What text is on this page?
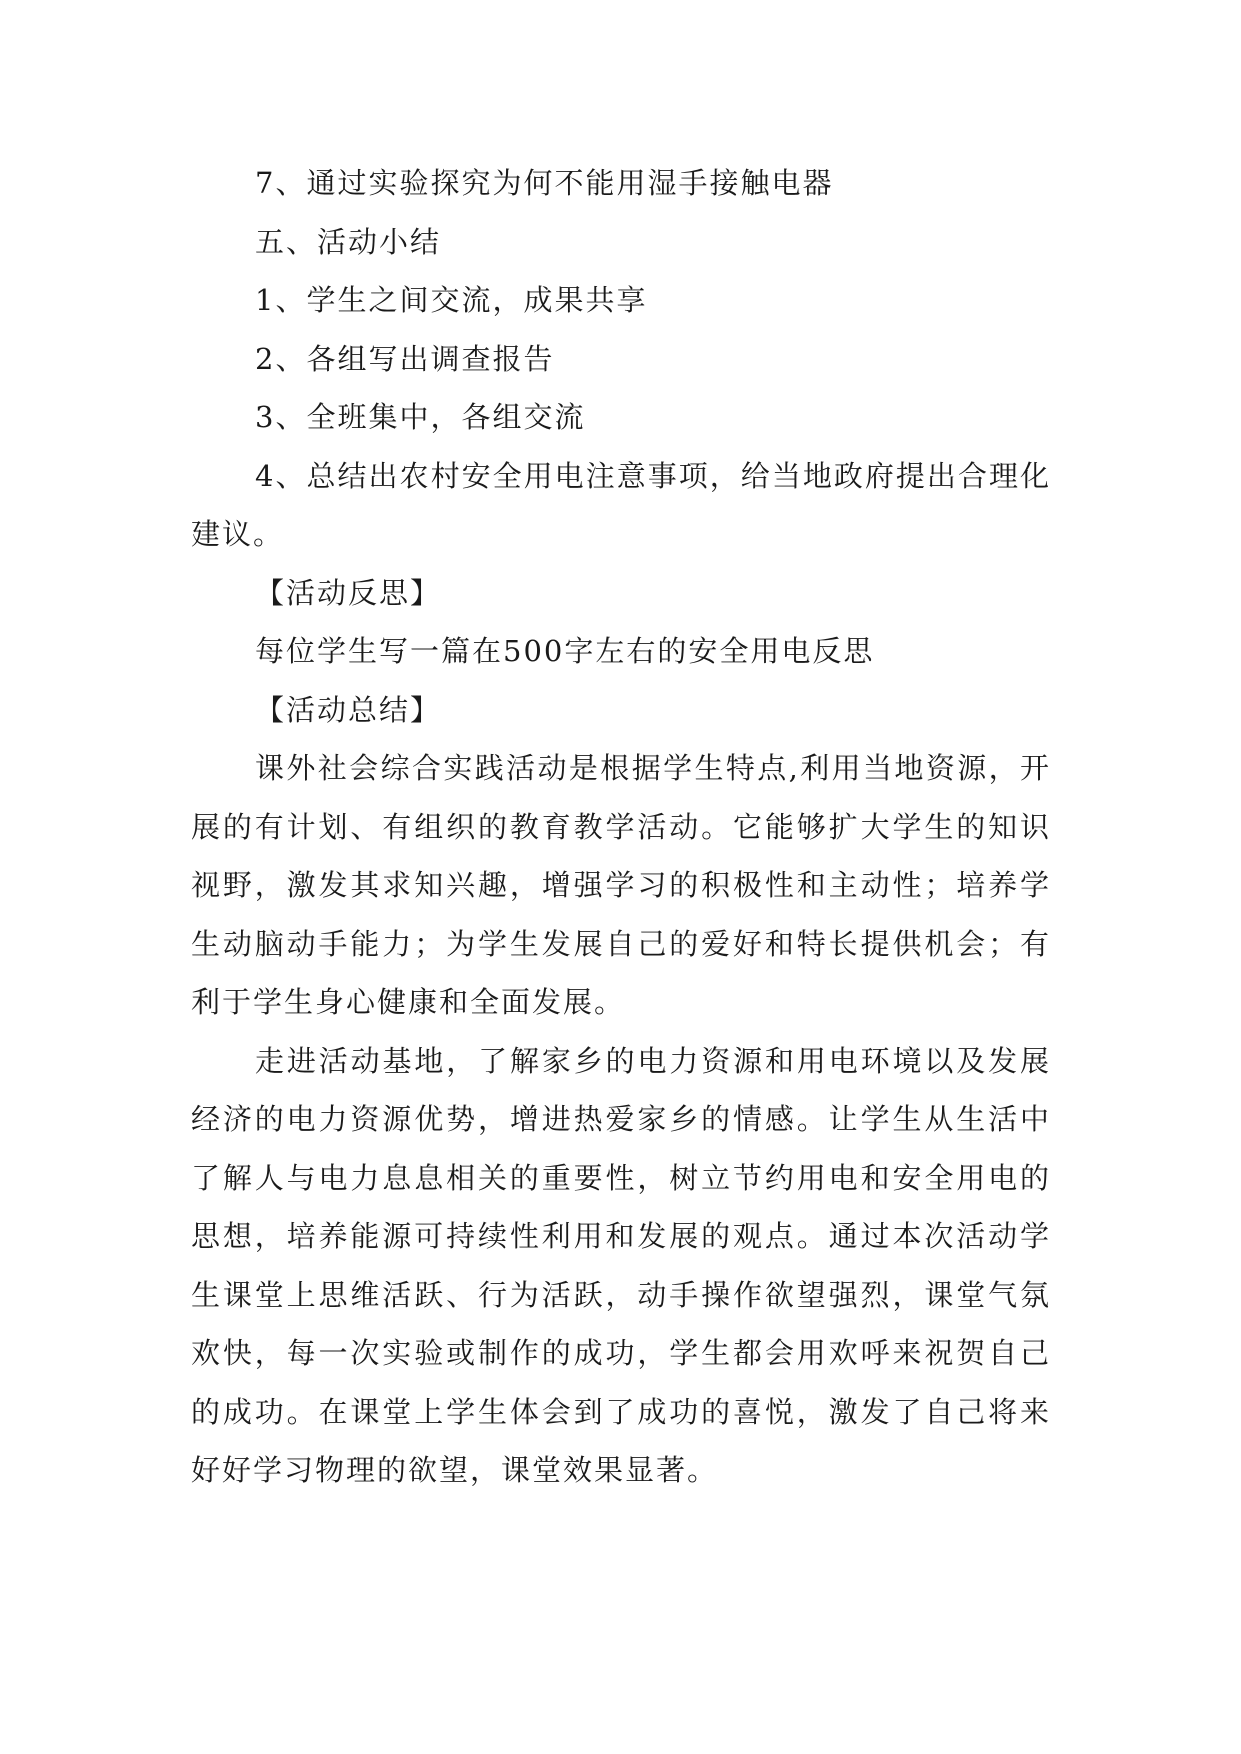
7、通过实验探究为何不能用湿手接触电器

五、活动小结

1、学生之间交流，成果共享

2、各组写出调查报告

3、全班集中，各组交流

4、总结出农村安全用电注意事项，给当地政府提出合理化建议。

【活动反思】

每位学生写一篇在500字左右的安全用电反思

【活动总结】

课外社会综合实践活动是根据学生特点,利用当地资源，开展的有计划、有组织的教育教学活动。它能够扩大学生的知识视野，激发其求知兴趣，增强学习的积极性和主动性；培养学生动脑动手能力；为学生发展自己的爱好和特长提供机会；有利于学生身心健康和全面发展。

走进活动基地，了解家乡的电力资源和用电环境以及发展经济的电力资源优势，增进热爱家乡的情感。让学生从生活中了解人与电力息息相关的重要性，树立节约用电和安全用电的思想，培养能源可持续性利用和发展的观点。通过本次活动学生课堂上思维活跃、行为活跃，动手操作欲望强烈，课堂气氛欢快，每一次实验或制作的成功，学生都会用欢呼来祝贺自己的成功。在课堂上学生体会到了成功的喜悦，激发了自己将来好好学习物理的欲望，课堂效果显著。
